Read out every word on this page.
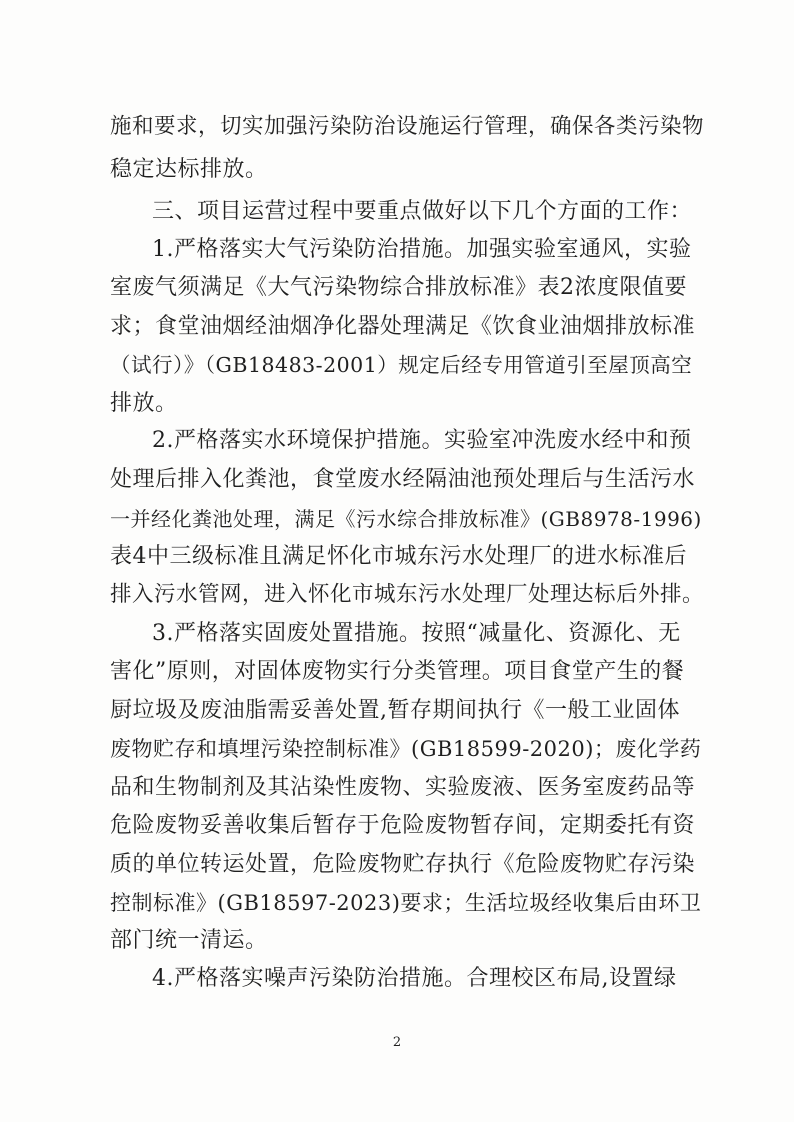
施和要求，切实加强污染防治设施运行管理，确保各类污染物
稳定达标排放。
三、项目运营过程中要重点做好以下几个方面的工作：
1.严格落实大气污染防治措施。加强实验室通风，实验
室废气须满足《大气污染物综合排放标准》表2浓度限值要
求；食堂油烟经油烟净化器处理满足《饮食业油烟排放标准
（试行）》（GB18483-2001）规定后经专用管道引至屋顶高空
排放。
2.严格落实水环境保护措施。实验室冲洗废水经中和预
处理后排入化粪池，食堂废水经隔油池预处理后与生活污水
一并经化粪池处理，满足《污水综合排放标准》(GB8978-1996)
表4中三级标准且满足怀化市城东污水处理厂的进水标准后
排入污水管网，进入怀化市城东污水处理厂处理达标后外排。
3.严格落实固废处置措施。按照“减量化、资源化、无
害化”原则，对固体废物实行分类管理。项目食堂产生的餐
厨垃圾及废油脂需妥善处置,暂存期间执行《一般工业固体
废物贮存和填埋污染控制标准》(GB18599-2020)；废化学药
品和生物制剂及其沾染性废物、实验废液、医务室废药品等
危险废物妥善收集后暂存于危险废物暂存间，定期委托有资
质的单位转运处置，危险废物贮存执行《危险废物贮存污染
控制标准》(GB18597-2023)要求；生活垃圾经收集后由环卫
部门统一清运。
4.严格落实噪声污染防治措施。合理校区布局,设置绿
2
